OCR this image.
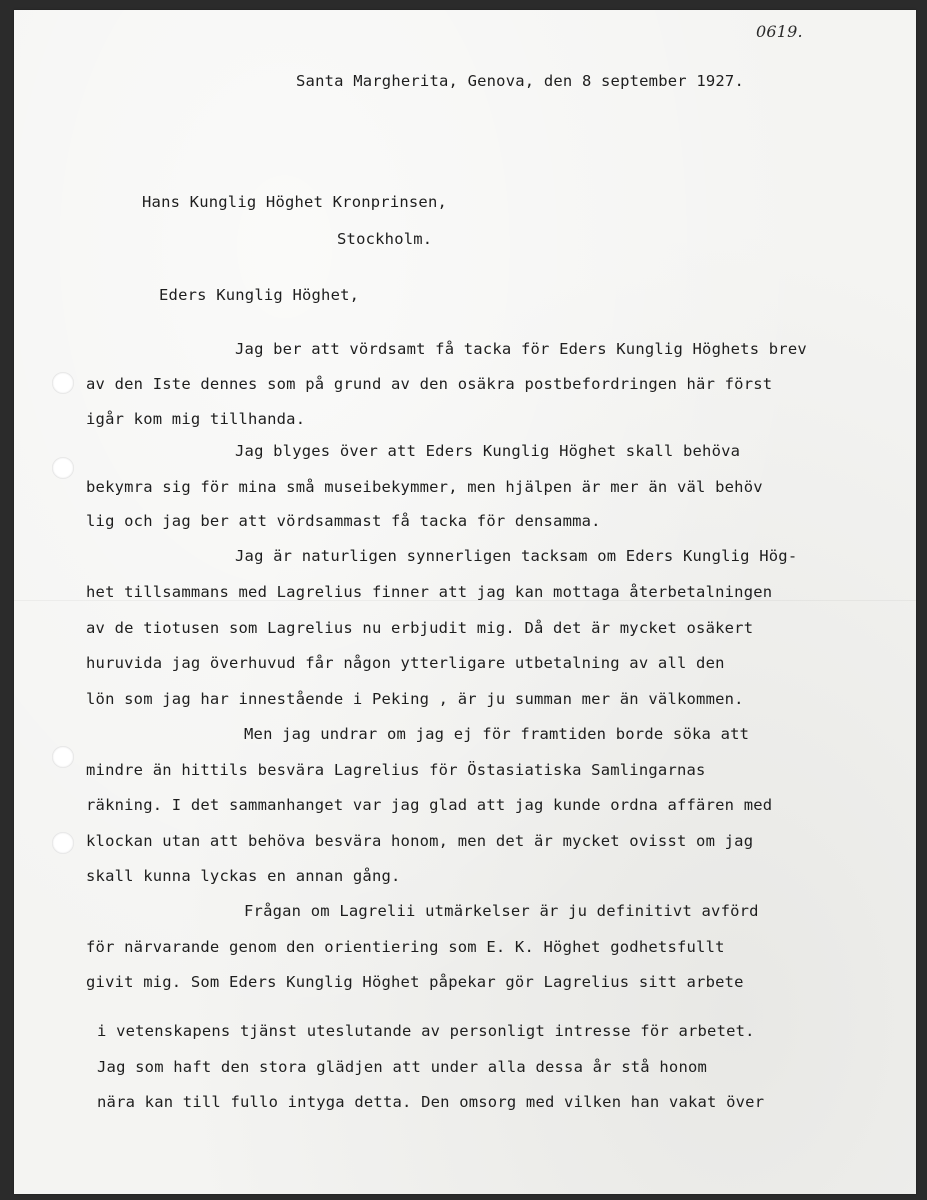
0619.
Santa Margherita, Genova, den 8 september 1927.
Hans Kunglig Höghet Kronprinsen,
Stockholm.
Eders Kunglig Höghet,
Jag ber att vördsamt få tacka för Eders Kunglig Höghets brev
av den Iste dennes som på grund av den osäkra postbefordringen här först
igår kom mig tillhanda.
Jag blyges över att Eders Kunglig Höghet skall behöva
bekymra sig för mina små museibekymmer, men hjälpen är mer än väl behöv
lig och jag ber att vördsammast få tacka för densamma.
Jag är naturligen synnerligen tacksam om Eders Kunglig Hög-
het tillsammans med Lagrelius finner att jag kan mottaga återbetalningen
av de tiotusen som Lagrelius nu erbjudit mig. Då det är mycket osäkert
huruvida jag överhuvud får någon ytterligare utbetalning av all den
lön som jag har innestående i Peking , är ju summan mer än välkommen.
Men jag undrar om jag ej för framtiden borde söka att
mindre än hittils besvära Lagrelius för Östasiatiska Samlingarnas
räkning. I det sammanhanget var jag glad att jag kunde ordna affären med
klockan utan att behöva besvära honom, men det är mycket ovisst om jag
skall kunna lyckas en annan gång.
Frågan om Lagrelii utmärkelser är ju definitivt avförd
för närvarande genom den orientiering som E. K. Höghet godhetsfullt
givit mig. Som Eders Kunglig Höghet påpekar gör Lagrelius sitt arbete
i vetenskapens tjänst uteslutande av personligt intresse för arbetet.
Jag som haft den stora glädjen att under alla dessa år stå honom
nära kan till fullo intyga detta. Den omsorg med vilken han vakat över
